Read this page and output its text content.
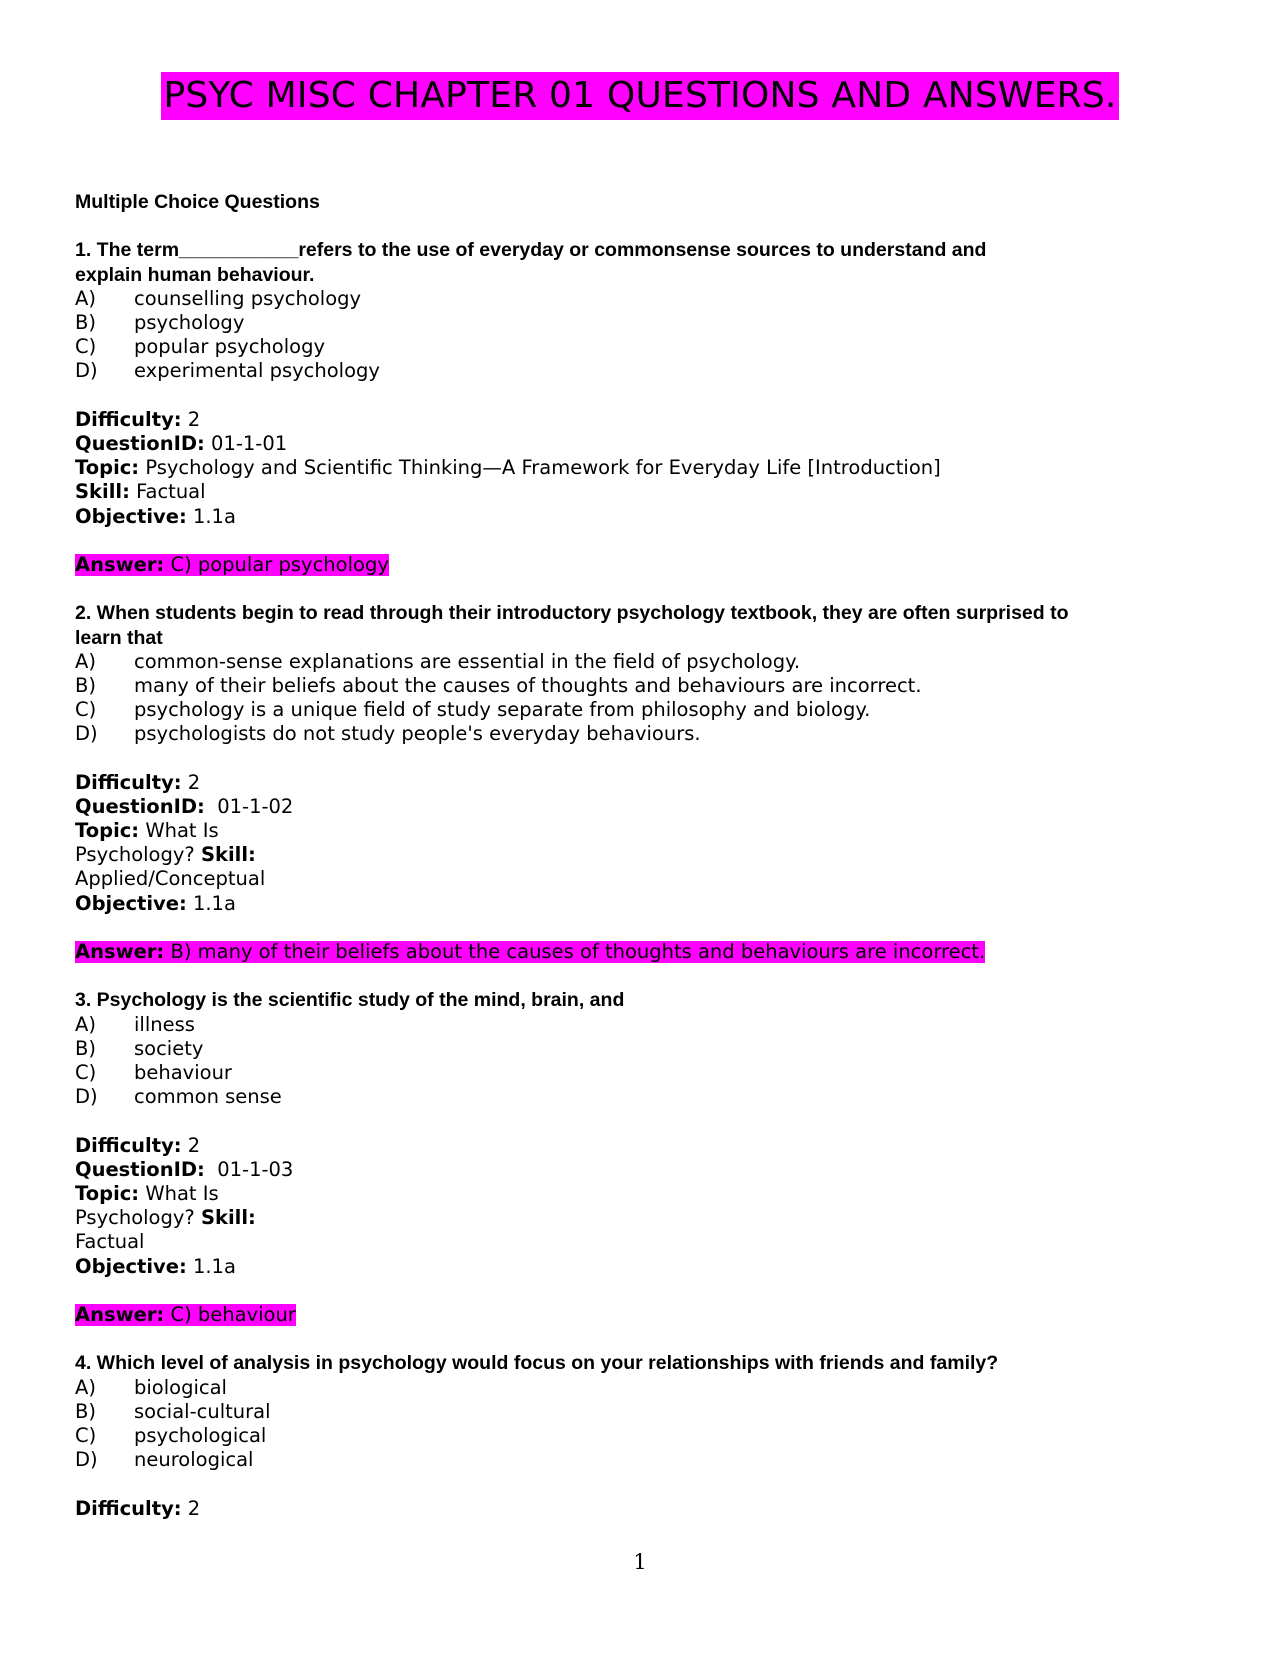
PSYC MISC CHAPTER 01 QUESTIONS AND ANSWERS.
Multiple Choice Questions
1. The term___________refers to the use of everyday or commonsense sources to understand and
explain human behaviour.
A)	counselling psychology
B)	psychology
C)	popular psychology
D)	experimental psychology
Difficulty: 2
QuestionID: 01-1-01
Topic: Psychology and Scientific Thinking—A Framework for Everyday Life [Introduction]
Skill: Factual
Objective: 1.1a
Answer: C) popular psychology
2. When students begin to read through their introductory psychology textbook, they are often surprised to
learn that
A)	common-sense explanations are essential in the field of psychology.
B)	many of their beliefs about the causes of thoughts and behaviours are incorrect.
C)	psychology is a unique field of study separate from philosophy and biology.
D)	psychologists do not study people's everyday behaviours.
Difficulty: 2
QuestionID: 01-1-02
Topic: What Is Psychology? Skill: Applied/Conceptual
Objective: 1.1a
Answer: B) many of their beliefs about the causes of thoughts and behaviours are incorrect.
3. Psychology is the scientific study of the mind, brain, and
A)	illness
B)	society
C)	behaviour
D)	common sense
Difficulty: 2
QuestionID: 01-1-03
Topic: What Is Psychology? Skill: Factual
Objective: 1.1a
Answer: C) behaviour
4. Which level of analysis in psychology would focus on your relationships with friends and family?
A)	biological
B)	social-cultural
C)	psychological
D)	neurological
Difficulty: 2
1
